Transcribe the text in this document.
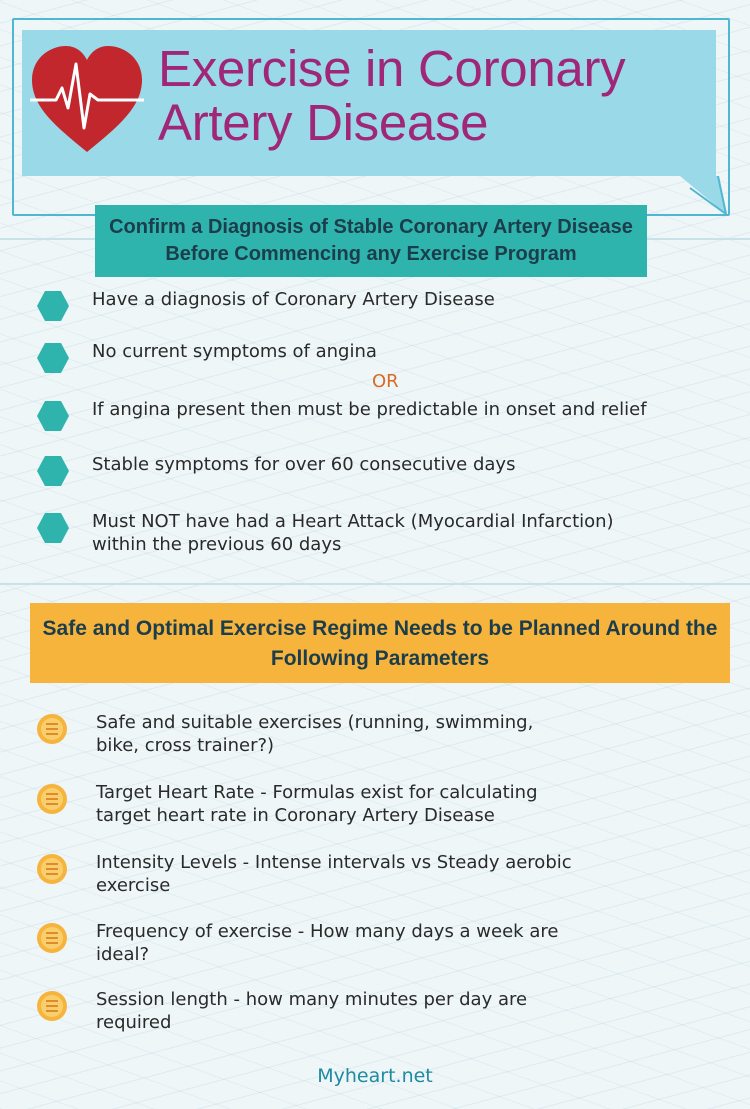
Exercise in Coronary
Artery Disease
Confirm a Diagnosis of Stable Coronary Artery Disease
Before Commencing any Exercise Program
Have a diagnosis of Coronary Artery Disease
No current symptoms of angina
OR
If angina present then must be predictable in onset and relief
Stable symptoms for over 60 consecutive days
Must NOT have had a Heart Attack (Myocardial Infarction)
within the previous 60 days
Safe and Optimal Exercise Regime Needs to be Planned Around the
Following Parameters
Safe and suitable exercises (running, swimming,
bike, cross trainer?)
Target Heart Rate - Formulas exist for calculating
target heart rate in Coronary Artery Disease
Intensity Levels - Intense intervals vs Steady aerobic
exercise
Frequency of exercise - How many days a week are
ideal?
Session length - how many minutes per day are
required
Myheart.net
